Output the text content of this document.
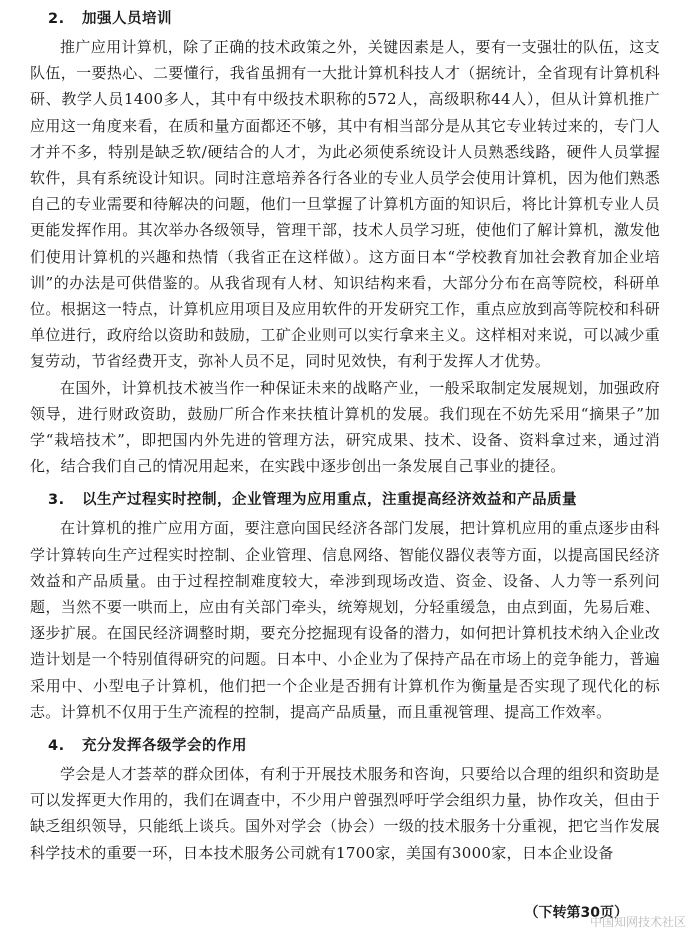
2. 加强人员培训

推广应用计算机，除了正确的技术政策之外，关键因素是人，要有一支强壮的队伍，这支队伍，一要热心、二要懂行，我省虽拥有一大批计算机科技人才（据统计，全省现有计算机科研、教学人员1400多人，其中有中级技术职称的572人，高级职称44人），但从计算机推广应用这一角度来看，在质和量方面都还不够，其中有相当部分是从其它专业转过来的，专门人才并不多，特别是缺乏软/硬结合的人才，为此必须使系统设计人员熟悉线路，硬件人员掌握软件，具有系统设计知识。同时注意培养各行各业的专业人员学会使用计算机，因为他们熟悉自己的专业需要和待解决的问题，他们一旦掌握了计算机方面的知识后，将比计算机专业人员更能发挥作用。其次举办各级领导，管理干部，技术人员学习班，使他们了解计算机，激发他们使用计算机的兴趣和热情（我省正在这样做）。这方面日本“学校教育加社会教育加企业培训”的办法是可供借鉴的。从我省现有人材、知识结构来看，大部分分布在高等院校，科研单位。根据这一特点，计算机应用项目及应用软件的开发研究工作，重点应放到高等院校和科研单位进行，政府给以资助和鼓励，工矿企业则可以实行拿来主义。这样相对来说，可以减少重复劳动，节省经费开支，弥补人员不足，同时见效快，有利于发挥人才优势。

在国外，计算机技术被当作一种保证未来的战略产业，一般采取制定发展规划，加强政府领导，进行财政资助，鼓励厂所合作来扶植计算机的发展。我们现在不妨先采用“摘果子”加学“栽培技术”，即把国内外先进的管理方法，研究成果、技术、设备、资料拿过来，通过消化，结合我们自己的情况用起来，在实践中逐步创出一条发展自己事业的捷径。

3. 以生产过程实时控制，企业管理为应用重点，注重提高经济效益和产品质量

在计算机的推广应用方面，要注意向国民经济各部门发展，把计算机应用的重点逐步由科学计算转向生产过程实时控制、企业管理、信息网络、智能仪器仪表等方面，以提高国民经济效益和产品质量。由于过程控制难度较大，牵涉到现场改造、资金、设备、人力等一系列问题，当然不要一哄而上，应由有关部门牵头，统筹规划，分轻重缓急，由点到面，先易后难、逐步扩展。在国民经济调整时期，要充分挖掘现有设备的潜力，如何把计算机技术纳入企业改造计划是一个特别值得研究的问题。日本中、小企业为了保持产品在市场上的竞争能力，普遍采用中、小型电子计算机，他们把一个企业是否拥有计算机作为衡量是否实现了现代化的标志。计算机不仅用于生产流程的控制，提高产品质量，而且重视管理、提高工作效率。

4. 充分发挥各级学会的作用

学会是人才荟萃的群众团体，有利于开展技术服务和咨询，只要给以合理的组织和资助是可以发挥更大作用的，我们在调查中，不少用户曾强烈呼吁学会组织力量，协作攻关，但由于缺乏组织领导，只能纸上谈兵。国外对学会（协会）一级的技术服务十分重视，把它当作发展科学技术的重要一环，日本技术服务公司就有1700家，美国有3000家，日本企业设备

（下转第30页）
中国知网技术社区
